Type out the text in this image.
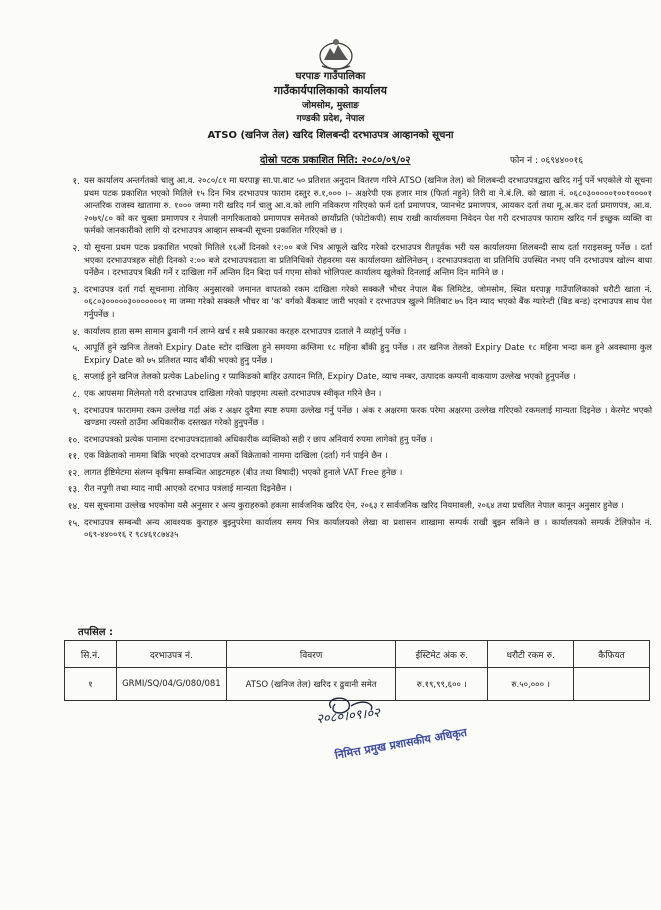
घरपाङ गाउँपालिका
गाउँकार्यपालिकाको कार्यालय
जोमसोम, मुस्ताङ
गण्डकी प्रदेश, नेपाल
ATSO (खनिज तेल) खरिद शिलबन्दी दरभाउपत्र आव्हानको सूचना
दोस्रो पटक प्रकाशित मिति: २०८०/०९/०२	फोन नं : ०६९४४००१६
१. यस कार्यालय अन्तर्गतको चालु आ.व. २०८०/८१ मा घरपाङ्ग सा.पा.बाट ५० प्रतिशत अनुदान वितरण गरिने ATSO (खनिज तेल) को शिलबन्दी दरभाउपत्रद्वारा खरिद गर्नु पर्ने भएकोले यो सूचना प्रथम पटक प्रकाशित भएको मितिले १५ दिन भित्र दरभाउपत्र फाराम दस्तुर रु.१,००० ।– अक्षरेपी एक हजार मात्र (फिर्ता नहुने) तिरी वा ने.बं.लि. को खाता नं. ०६८०३०००००१००१००००१ आन्तरिक राजस्व खातामा रु. १००० जम्मा गरी खरिद गर्न चालु आ.व.को लागि नविकरण गरिएको फर्म दर्ता प्रमाणपत्र, प्यानभेट प्रमाणपत्र, आयकर दर्ता तथा मू.अ.कर दर्ता प्रमाणपत्र, आ.व. २०७९/८० को कर चुक्ता प्रमाणपत्र र नेपाली नागरिकताको प्रमाणपत्र समेतको छायाँप्रति (फोटोकपी) साथ राखी कार्यालयमा निवेदन पेश गरी दरभाउपत्र फाराम खरिद गर्न इच्छुक व्यक्ति वा फर्मको जानकारीको लागि यो दरभाउपत्र आव्हान सम्बन्धी सूचना प्रकाशित गरिएको छ ।
२. यो सूचना प्रथम पटक प्रकाशित भएको मितिले १६औं दिनको १२:०० बजे भित्र आफूले खरिद गरेको दरभाउपत्र रीतपूर्वक भरी यस कार्यालयमा शिलबन्दी साथ दर्ता गराइसक्नु पर्नेछ । दर्ता भएका दरभाउपत्रहरु सोही दिनको २:०० बजे दरभाउपत्रदाता वा प्रतिनिधिको रोहवरमा यस कार्यालयमा खोलिनेछन् । दरभाउपत्रदाता वा प्रतिनिधि उपस्थित नभए पनि दरभाउपत्र खोल्न बाधा पर्नेछैन । दरभाउपत्र बिक्री गर्ने र दाखिला गर्ने अन्तिम दिन बिदा पर्न गएमा सोको भोलिपल्ट कार्यालय खुलेको दिनलाई अन्तिम दिन मानिने छ ।
३. दरभाउपत्र दर्ता गर्दा सूचनामा तोकिए अनुसारको जमानत वापतको रकम दाखिला गरेको सक्कलै भौचर नेपाल बैंक लिमिटेड, जोमसोम, स्थित घरपाङ्ग गाउँपालिकाको धरौटी खाता नं. ०६८०३०००००३०००००००१ मा जम्मा गरेको सक्कलै भौचर वा 'क' वर्गको बैंकबाट जारी भएको र दरभाउपत्र खुल्ने मितिबाट ७५ दिन म्याद भएको बैंक ग्यारेन्टी (बिड बन्ड) दरभाउपत्र साथ पेश गर्नुपर्नेछ ।
४. कार्यालय हाता सम्म सामान ढुवानी गर्न लाग्ने खर्च र सबै प्रकारका करहरु दरभाउपत्र दाताले नै व्यहोर्नु पर्नेछ ।
५. आपूर्ति हुने खनिज तेलको Expiry Date स्टोर दाखिला हुने समयमा कम्तिमा १८ महिना बाँकी हुनु पर्नेछ । तर खनिज तेलको Expiry Date १८ महिना भन्दा कम हुने अवस्थामा कुल Expiry Date को ७५ प्रतिशत म्याद बाँकी भएको हुनु पर्नेछ ।
६. सप्लाई हुने खनिज तेलको प्रत्येक Labeling र प्याकिङको बाहिर उत्पादन मिति, Expiry Date, व्याच नम्बर, उत्पादक कम्पनी वाकयाण उल्लेख भएको हुनुपर्नेछ ।
८. एक आपसमा मिलेमतो गरी दरभाउपत्र दाखिला गरेको पाइएमा त्यस्तो दरभाउपत्र स्वीकृत गरिने छैन ।
९. दरभाउपत्र फाराममा रकम उल्लेख गर्दा अंक र अक्षर दुवैमा स्पष्ट रुपमा उल्लेख गर्नु पर्नेछ । अंक र अक्षरमा फरक परेमा अक्षरमा उल्लेख गरिएको रकमलाई मान्यता दिइनेछ । केरमेट भएको खण्डमा त्यस्तो ठाउँमा अधिकारीक दस्तखत गरेको हुनुपर्नेछ ।
१०. दरभाउपत्रको प्रत्येक पानामा दरभाउपत्रदाताको अधिकारीक व्यक्तिको सही र छाप अनिवार्य रुपमा लागेको हुनु पर्नेछ ।
११. एक विक्रेताको नाममा बिक्रि भएको दरभाउपत्र अर्को विक्रेताको नाममा दाखिला (दर्ता) गर्न पाईने छैन ।
१२. लागत ईष्टिमेटमा संलग्न कृषिमा सम्बन्धित आइटमहरु (बीउ तथा विषादी) भएको हुनाले VAT Free हुनेछ ।
१३. रीत नपुगी तथा म्याद नाघी आएको दरभाउ पत्रलाई मान्यता दिइनेछैन ।
१४. यस सूचनामा उल्लेख भएकोमा यसै अनुसार र अन्य कुराहरुको हकमा सार्वजनिक खरिद ऐन, २०६३ र सार्वजनिक खरिद नियमावली, २०६४ तथा प्रचलित नेपाल कानून अनुसार हुनेछ ।
१५. दरभाउपत्र सम्बन्धी अन्य आवश्यक कुराहरु बुझ्नुपरेमा कार्यालय समय भित्र कार्यालयको लेखा वा प्रशासन शाखामा सम्पर्क राखी बुझ्न सकिने छ । कार्यालयको सम्पर्क टेलिफोन नं. ०६९-४४००१६ र ९८४६१८७४३५
तपसिल :
सि.नं.	दरभाउपत्र नं.	विवरण	ईस्टिमेट अंक रु.	धरौटी रकम रु.	कैफियत
१	GRMI/SQ/04/G/080/081	ATSO (खनिज तेल) खरिद र ढुवानी समेत	रु.१९,९९,६०० ।	रु.५०,००० ।	
२०८०।०९।०२
निमित्त प्रमुख प्रशासकीय अधिकृत
